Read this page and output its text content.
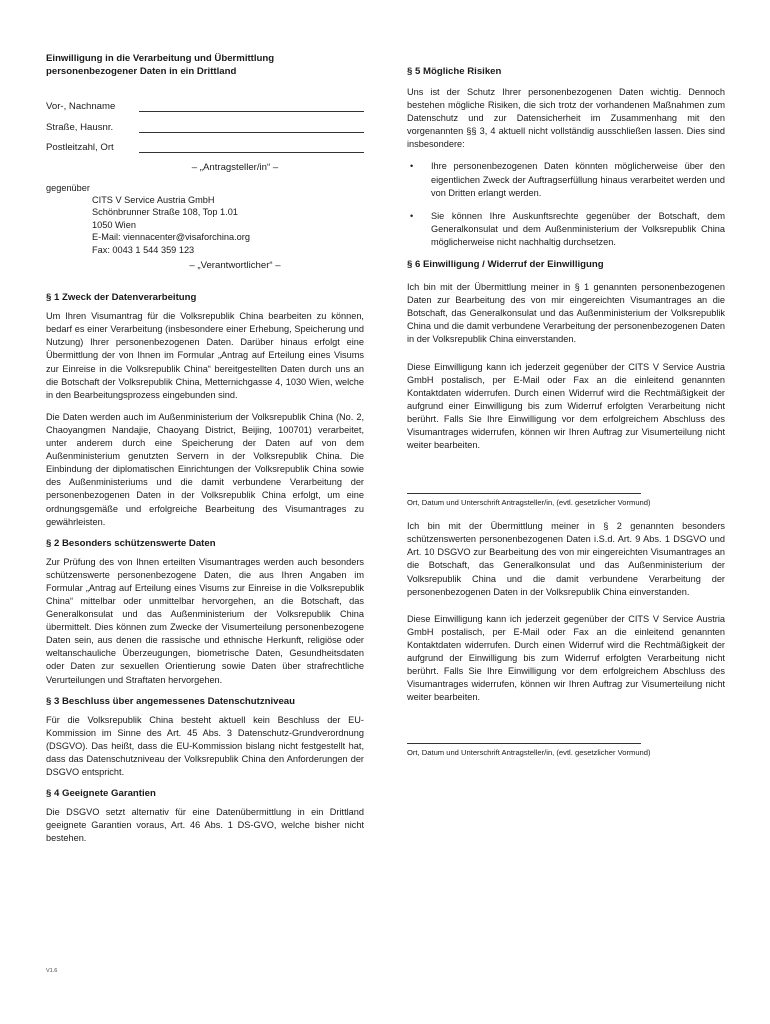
Einwilligung in die Verarbeitung und Übermittlung
personenbezogener Daten in ein Drittland
Vor-, Nachname
Straße, Hausnr.
Postleitzahl, Ort
– „Antragsteller/in“ –
gegenüber
CITS V Service Austria GmbH
Schönbrunner Straße 108, Top 1.01
1050 Wien
E-Mail: viennacenter@visaforchina.org
Fax: 0043 1 544 359 123
– „Verantwortlicher“ –
§ 1 Zweck der Datenverarbeitung

Um Ihren Visumantrag für die Volksrepublik China bearbeiten zu können, bedarf es einer Verarbeitung (insbesondere einer Erhebung, Speicherung und Nutzung) Ihrer personenbezogenen Daten. Darüber hinaus erfolgt eine Übermittlung der von Ihnen im Formular „Antrag auf Erteilung eines Visums zur Einreise in die Volksrepublik China“ bereitgestellten Daten durch uns an die Botschaft der Volksrepublik China, Metternichgasse 4, 1030 Wien, welche in den Bearbeitungsprozess eingebunden sind.

Die Daten werden auch im Außenministerium der Volksrepublik China (No. 2, Chaoyangmen Nandajie, Chaoyang District, Beijing, 100701) verarbeitet, unter anderem durch eine Speicherung der Daten auf von dem Außenministerium genutzten Servern in der Volksrepublik China. Die Einbindung der diplomatischen Einrichtungen der Volksrepublik China sowie des Außenministeriums und die damit verbundene Verarbeitung der personenbezogenen Daten in der Volksrepublik China erfolgt, um eine ordnungsgemäße und erfolgreiche Bearbeitung des Visumantrages zu gewährleisten.

§ 2 Besonders schützenswerte Daten

Zur Prüfung des von Ihnen erteilten Visumantrages werden auch besonders schützenswerte personenbezogene Daten, die aus Ihren Angaben im Formular „Antrag auf Erteilung eines Visums zur Einreise in die Volksrepublik China“ mittelbar oder unmittelbar hervorgehen, an die Botschaft, das Generalkonsulat und das Außenministerium der Volksrepublik China übermittelt. Dies können zum Zwecke der Visumerteilung personenbezogene Daten sein, aus denen die rassische und ethnische Herkunft, religiöse oder weltanschauliche Überzeugungen, biometrische Daten, Gesundheitsdaten oder Daten zur sexuellen Orientierung sowie Daten über strafrechtliche Verurteilungen und Straftaten hervorgehen.

§ 3 Beschluss über angemessenes Datenschutzniveau

Für die Volksrepublik China besteht aktuell kein Beschluss der EU-Kommission im Sinne des Art. 45 Abs. 3 Datenschutz-Grundverordnung (DSGVO). Das heißt, dass die EU-Kommission bislang nicht festgestellt hat, dass das Datenschutzniveau der Volksrepublik China den Anforderungen der DSGVO entspricht.

§ 4 Geeignete Garantien

Die DSGVO setzt alternativ für eine Datenübermittlung in ein Drittland geeignete Garantien voraus, Art. 46 Abs. 1 DS-GVO, welche bisher nicht bestehen.

§ 5 Mögliche Risiken

Uns ist der Schutz Ihrer personenbezogenen Daten wichtig. Dennoch bestehen mögliche Risiken, die sich trotz der vorhandenen Maßnahmen zum Datenschutz und zur Datensicherheit im Zusammenhang mit den vorgenannten §§ 3, 4 aktuell nicht vollständig ausschließen lassen. Dies sind insbesondere:

• Ihre personenbezogenen Daten könnten möglicherweise über den eigentlichen Zweck der Auftragserfüllung hinaus verarbeitet werden und von Dritten erlangt werden.
• Sie können Ihre Auskunftsrechte gegenüber der Botschaft, dem Generalkonsulat und dem Außenministerium der Volksrepublik China möglicherweise nicht nachhaltig durchsetzen.
§ 6 Einwilligung / Widerruf der Einwilligung

Ich bin mit der Übermittlung meiner in § 1 genannten personenbezogenen Daten zur Bearbeitung des von mir eingereichten Visumantrages an die Botschaft, das Generalkonsulat und das Außenministerium der Volksrepublik China und die damit verbundene Verarbeitung der personenbezogenen Daten in der Volksrepublik China einverstanden.

Diese Einwilligung kann ich jederzeit gegenüber der CITS V Service Austria GmbH postalisch, per E-Mail oder Fax an die einleitend genannten Kontaktdaten widerrufen. Durch einen Widerruf wird die Rechtmäßigkeit der aufgrund einer Einwilligung bis zum Widerruf erfolgten Verarbeitung nicht berührt. Falls Sie Ihre Einwilligung vor dem erfolgreichem Abschluss des Visumantrages widerrufen, können wir Ihren Auftrag zur Visumerteilung nicht weiter bearbeiten.

Ort, Datum und Unterschrift Antragsteller/in, (evtl. gesetzlicher Vormund)

Ich bin mit der Übermittlung meiner in § 2 genannten besonders schützenswerten personenbezogenen Daten i.S.d. Art. 9 Abs. 1 DSGVO und Art. 10 DSGVO zur Bearbeitung des von mir eingereichten Visumantrages an die Botschaft, das Generalkonsulat und das Außenministerium der Volksrepublik China und die damit verbundene Verarbeitung der personenbezogenen Daten in der Volksrepublik China einverstanden.

Diese Einwilligung kann ich jederzeit gegenüber der CITS V Service Austria GmbH postalisch, per E-Mail oder Fax an die einleitend genannten Kontaktdaten widerrufen. Durch einen Widerruf wird die Rechtmäßigkeit der aufgrund der Einwilligung bis zum Widerruf erfolgten Verarbeitung nicht berührt. Falls Sie Ihre Einwilligung vor dem erfolgreichem Abschluss des Visumantrages widerrufen, können wir Ihren Auftrag zur Visumerteilung nicht weiter bearbeiten.

Ort, Datum und Unterschrift Antragsteller/in, (evtl. gesetzlicher Vormund)
V1.6
